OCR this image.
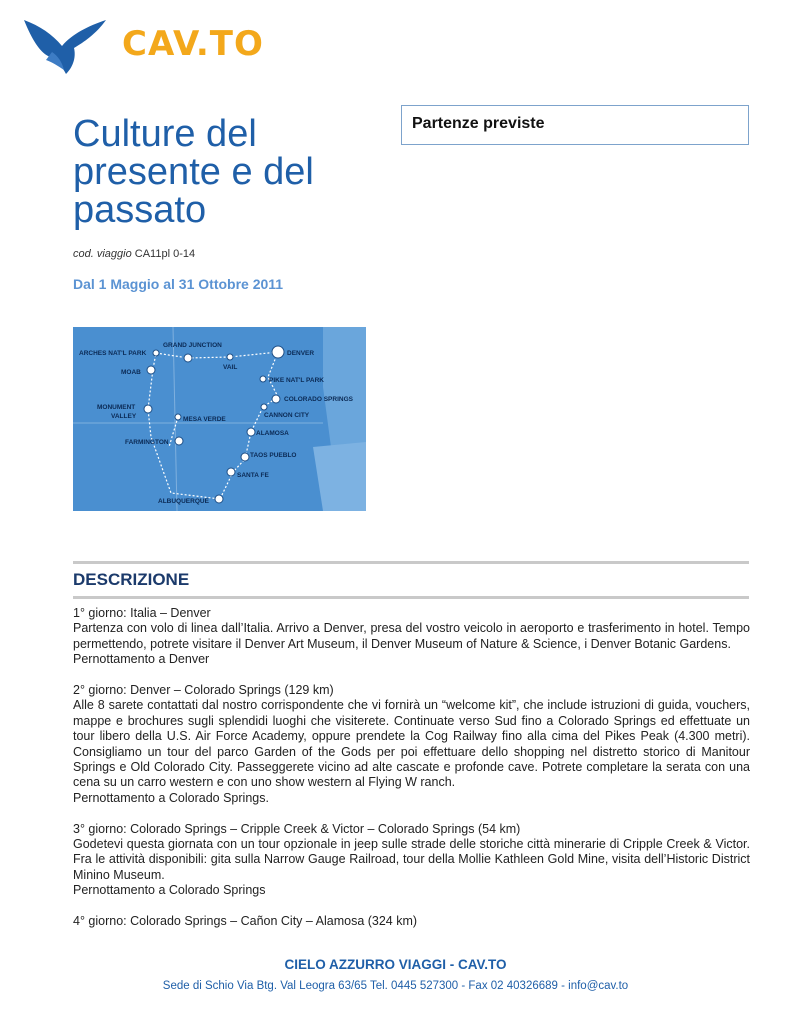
CAV.TO
Culture del presente e del passato
cod. viaggio CA11pl 0-14
Dal 1 Maggio al 31 Ottobre 2011
Partenze previste
DENVER
ARCHES NAT'L PARK
GRAND JUNCTION
VAIL
MOAB
PIKE NAT'L PARK
COLORADO SPRINGS
CANNON CITY
MONUMENT
VALLEY	MESA VERDE
ALAMOSA
FARMINGTON
TAOS PUEBLO
SANTA FE
ALBUQUERQUE
DESCRIZIONE

1° giorno: Italia – Denver

Partenza con volo di linea dall’Italia. Arrivo a Denver, presa del vostro veicolo in aeroporto e trasferimento in hotel. Tempo permettendo, potrete visitare il Denver Art Museum, il Denver Museum of Nature & Science, i Denver Botanic Gardens.

Pernottamento a Denver

2° giorno: Denver – Colorado Springs (129 km)

Alle 8 sarete contattati dal nostro corrispondente che vi fornirà un “welcome kit”, che include istruzioni di guida, vouchers, mappe e brochures sugli splendidi luoghi che visiterete. Continuate verso Sud fino a Colorado Springs ed effettuate un tour libero della U.S. Air Force Academy, oppure prendete la Cog Railway fino alla cima del Pikes Peak (4.300 metri). Consigliamo un tour del parco Garden of the Gods per poi effettuare dello shopping nel distretto storico di Manitour Springs e Old Colorado City. Passeggerete vicino ad alte cascate e profonde cave. Potrete completare la serata con una cena su un carro western e con uno show western al Flying W ranch.

Pernottamento a Colorado Springs.

3° giorno: Colorado Springs – Cripple Creek & Victor – Colorado Springs (54 km)

Godetevi questa giornata con un tour opzionale in jeep sulle strade delle storiche città minerarie di Cripple Creek & Victor. Fra le attività disponibili: gita sulla Narrow Gauge Railroad, tour della Mollie Kathleen Gold Mine, visita dell’Historic District Minino Museum.

Pernottamento a Colorado Springs

4° giorno: Colorado Springs – Cañon City – Alamosa (324 km)

CIELO AZZURRO VIAGGI - CAV.TO
Sede di Schio Via Btg. Val Leogra 63/65 Tel. 0445 527300 - Fax 02 40326689 - info@cav.to
